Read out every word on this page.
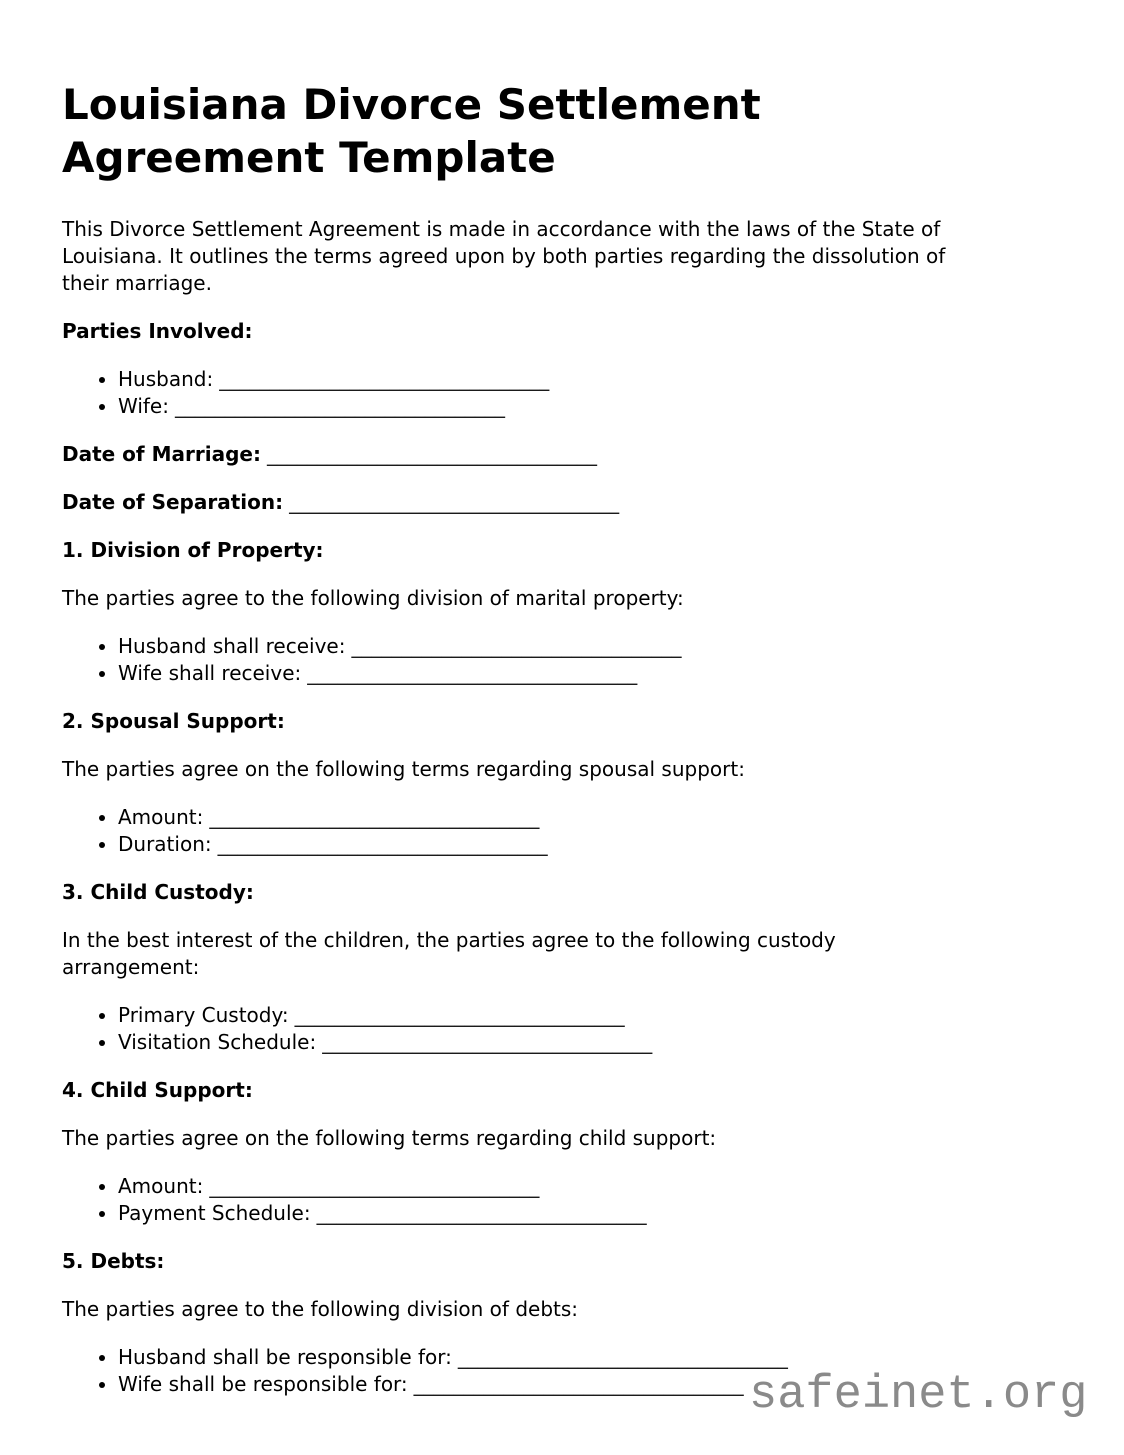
safeinet.org
Louisiana Divorce Settlement
Agreement Template

This Divorce Settlement Agreement is made in accordance with the laws of the State of
Louisiana. It outlines the terms agreed upon by both parties regarding the dissolution of
their marriage.

Parties Involved:

• Husband: _________________________________
• Wife: _________________________________

Date of Marriage: _________________________________

Date of Separation: _________________________________

1. Division of Property:

The parties agree to the following division of marital property:

• Husband shall receive: _________________________________
• Wife shall receive: _________________________________

2. Spousal Support:

The parties agree on the following terms regarding spousal support:

• Amount: _________________________________
• Duration: _________________________________

3. Child Custody:

In the best interest of the children, the parties agree to the following custody
arrangement:

• Primary Custody: _________________________________
• Visitation Schedule: _________________________________

4. Child Support:

The parties agree on the following terms regarding child support:

• Amount: _________________________________
• Payment Schedule: _________________________________

5. Debts:

The parties agree to the following division of debts:

• Husband shall be responsible for: _________________________________
• Wife shall be responsible for: _________________________________
